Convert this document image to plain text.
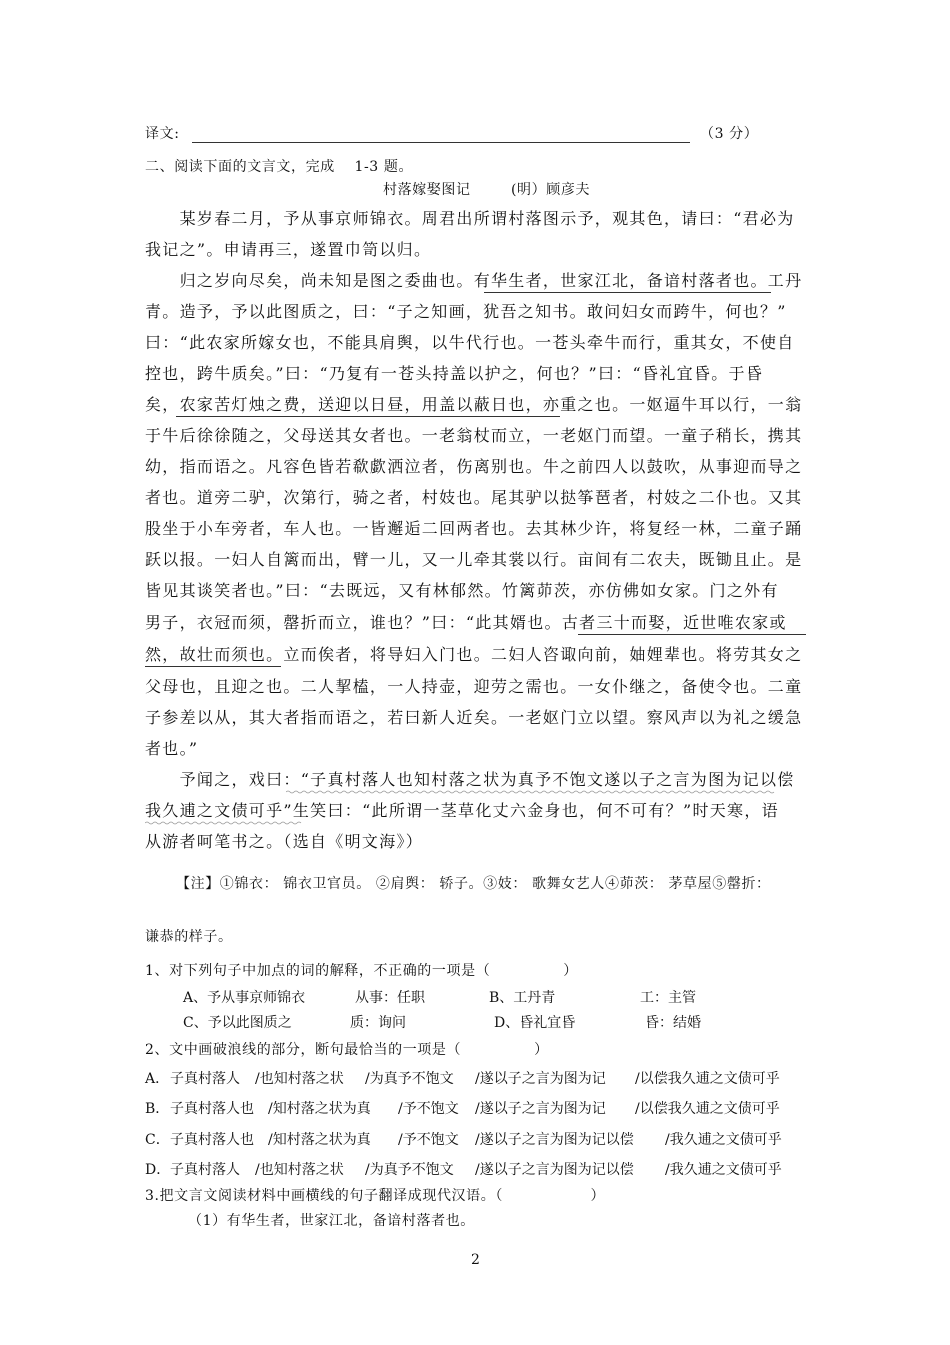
译文:	（3 分）
二、阅读下面的文言文，完成　 1-3 题。
村落嫁娶图记	(明）顾彦夫
　　某岁春二月，予从事京师锦衣。周君出所谓村落图示予，观其色，请曰：“君必为
我记之”。申请再三，遂置巾笥以归。
　　归之岁向尽矣，尚未知是图之委曲也。有华生者，世家江北，备谙村落者也。工丹
青。造予，予以此图质之，曰：“子之知画，犹吾之知书。敢问妇女而跨牛，何也？”
曰：“此农家所嫁女也，不能具肩舆，以牛代行也。一苍头牵牛而行，重其女，不使自
控也，跨牛质矣。”曰：“乃复有一苍头持盖以护之，何也？”曰：“昏礼宜昏。于昏
矣，农家苦灯烛之费，送迎以日昼，用盖以蔽日也，亦重之也。一妪逼牛耳以行，一翁
于牛后徐徐随之，父母送其女者也。一老翁杖而立，一老妪门而望。一童子稍长，携其
幼，指而语之。凡容色皆若欷歔洒泣者，伤离别也。牛之前四人以鼓吹，从事迎而导之
者也。道旁二驴，次第行，骑之者，村妓也。尾其驴以挞筝琶者，村妓之二仆也。又其
股坐于小车旁者，车人也。一皆邂逅二回两者也。去其林少许，将复经一林，二童子踊
跃以报。一妇人自篱而出，臂一儿，又一儿牵其裳以行。亩间有二农夫，既锄且止。是
皆见其谈笑者也。”曰：“去既远，又有林郁然。竹篱茆茨，亦仿佛如女家。门之外有
男子，衣冠而须，罄折而立，谁也？”曰：“此其婿也。古者三十而娶，近世唯农家或
然，故壮而须也。立而俟者，将导妇入门也。二妇人咨诹向前，妯娌辈也。将劳其女之
父母也，且迎之也。二人挈榼，一人持壶，迎劳之需也。一女仆继之，备使令也。二童
子参差以从，其大者指而语之，若曰新人近矣。一老妪门立以望。察风声以为礼之缓急
者也。”
　　予闻之，戏曰：“子真村落人也知村落之状为真予不饱文遂以子之言为图为记以偿
我久逋之文债可乎”生笑曰：“此所谓一茎草化丈六金身也，何不可有？”时天寒，语
从游者呵笔书之。（选自《明文海》）
【注】①锦衣： 锦衣卫官员。 ②肩舆： 轿子。③妓： 歌舞女艺人④茆茨： 茅草屋⑤罄折：
谦恭的样子。
1、对下列句子中加点的词的解释，不正确的一项是（　　　　　）
A、予从事京师锦衣	从事：任职	B、工丹青	工：主管
C、予以此图质之	质：询问	D、昏礼宜昏	昏：结婚
2、文中画破浪线的部分，断句最恰当的一项是（　　　　　）
A．子真村落人 /也知村落之状 /为真予不饱文 /遂以子之言为图为记 /以偿我久逋之文债可乎
B．子真村落人也 /知村落之状为真 /予不饱文 /遂以子之言为图为记 /以偿我久逋之文债可乎
C．子真村落人也 /知村落之状为真 /予不饱文 /遂以子之言为图为记以偿 /我久逋之文债可乎
D．子真村落人 /也知村落之状 /为真予不饱文 /遂以子之言为图为记以偿 /我久逋之文债可乎
3.把文言文阅读材料中画横线的句子翻译成现代汉语。（　　　　　　）
（1）有华生者，世家江北，备谙村落者也。
2
